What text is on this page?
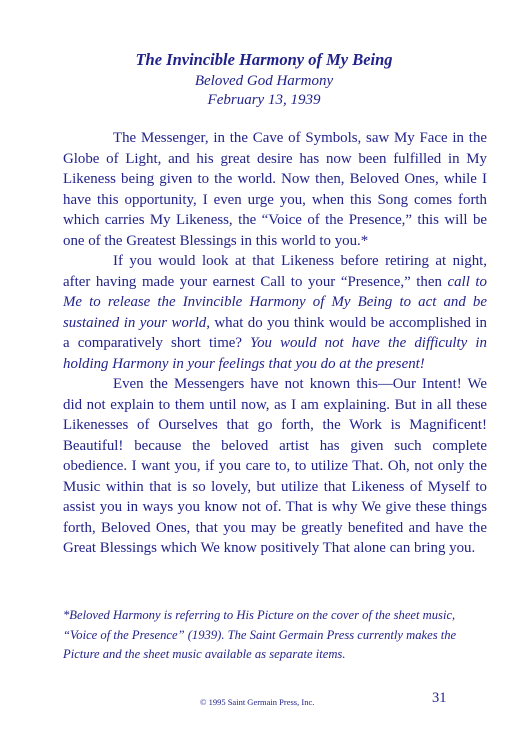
The Invincible Harmony of My Being
Beloved God Harmony
February 13, 1939

The Messenger, in the Cave of Symbols, saw My Face in the Globe of Light, and his great desire has now been fulfilled in My Likeness being given to the world. Now then, Beloved Ones, while I have this opportunity, I even urge you, when this Song comes forth which carries My Likeness, the “Voice of the Presence,” this will be one of the Greatest Blessings in this world to you.*

If you would look at that Likeness before retiring at night, after having made your earnest Call to your “Presence,” then call to Me to release the Invincible Harmony of My Being to act and be sustained in your world, what do you think would be accomplished in a comparatively short time? You would not have the difficulty in holding Harmony in your feelings that you do at the present!

Even the Messengers have not known this—Our Intent! We did not explain to them until now, as I am explaining. But in all these Likenesses of Ourselves that go forth, the Work is Magnificent! Beautiful! because the beloved artist has given such complete obedience. I want you, if you care to, to utilize That. Oh, not only the Music within that is so lovely, but utilize that Likeness of Myself to assist you in ways you know not of. That is why We give these things forth, Beloved Ones, that you may be greatly benefited and have the Great Blessings which We know positively That alone can bring you.

*Beloved Harmony is referring to His Picture on the cover of the sheet music, “Voice of the Presence” (1939). The Saint Germain Press currently makes the Picture and the sheet music available as separate items.
© 1995 Saint Germain Press, Inc.	31
